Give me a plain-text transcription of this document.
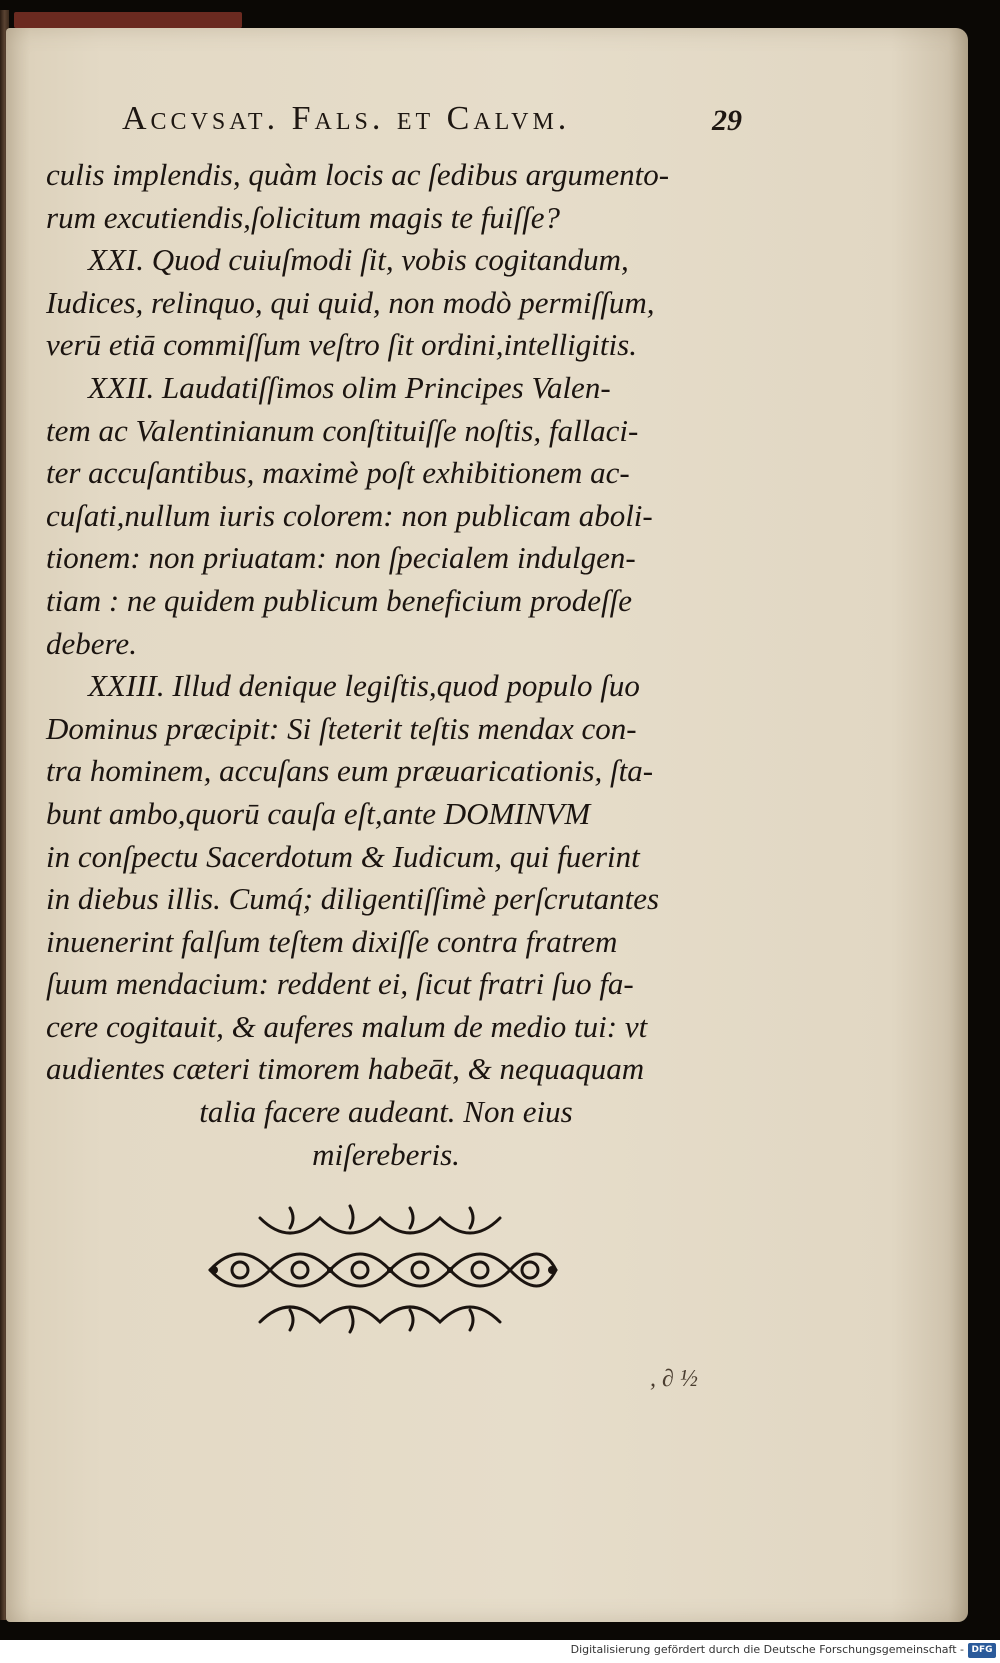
Accvsat. Fals. et Calvm.	29
culis implendis, quàm locis ac ſedibus argumento-
rum excutiendis,ſolicitum magis te fuiſſe?
XXI. Quod cuiuſmodi ſit, vobis cogitandum,
Iudices, relinquo, qui quid, non modò permiſſum,
verū etiā commiſſum veſtro ſit ordini,intelligitis.
XXII. Laudatiſſimos olim Principes Valen-
tem ac Valentinianum conſtituiſſe noſtis, fallaci-
ter accuſantibus, maximè poſt exhibitionem ac-
cuſati,nullum iuris colorem: non publicam aboli-
tionem: non priuatam: non ſpecialem indulgen-
tiam : ne quidem publicum beneficium prodeſſe
debere.
XXIII. Illud denique legiſtis,quod populo ſuo
Dominus præcipit: Si ſteterit teſtis mendax con-
tra hominem, accuſans eum præuaricationis, ſta-
bunt ambo,quorū cauſa eſt,ante DOMINVM
in conſpectu Sacerdotum & Iudicum, qui fuerint
in diebus illis. Cumq́; diligentiſſimè perſcrutantes
inuenerint falſum teſtem dixiſſe contra fratrem
ſuum mendacium: reddent ei, ſicut fratri ſuo fa-
cere cogitauit, & auferes malum de medio tui: vt
audientes cæteri timorem habeāt, & nequaquam
talia facere audeant. Non eius
miſereberis.
, ∂ ½
Digitalisierung gefördert durch die Deutsche Forschungsgemeinschaft - DFG
